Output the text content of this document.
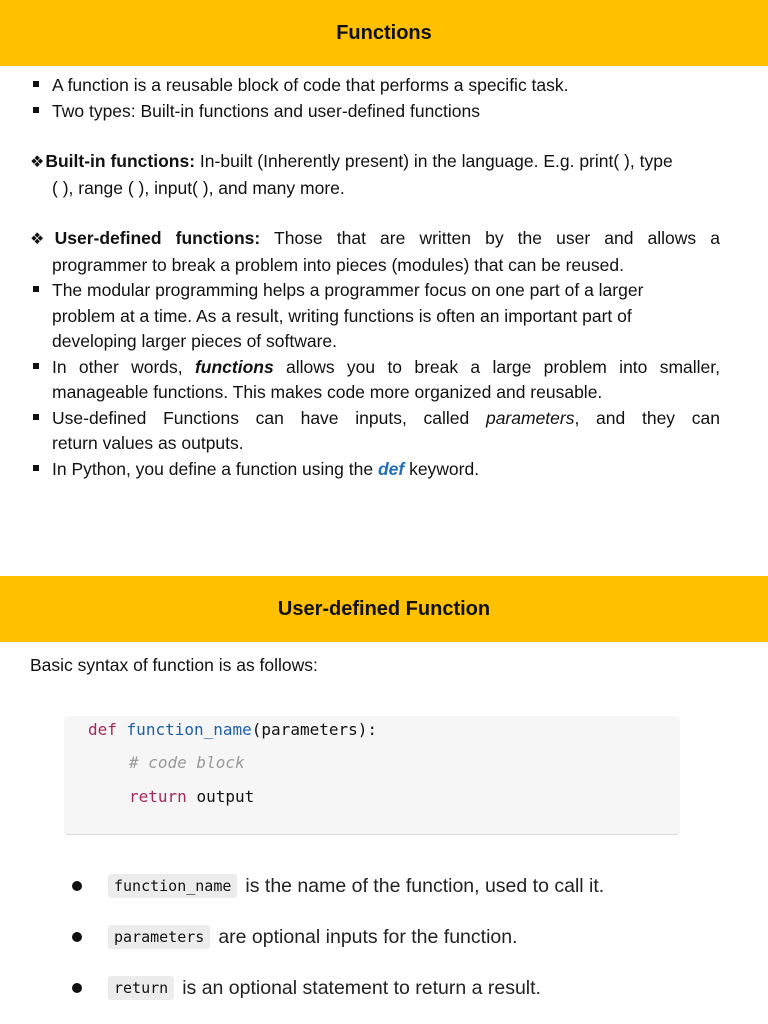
Functions
A function is a reusable block of code that performs a specific task.
Two types: Built-in functions and user-defined functions
❖Built-in functions: In-built (Inherently present) in the language. E.g. print( ), type
( ), range ( ), input( ), and many more.
❖User-defined functions: Those that are written by the user and allows a
programmer to break a problem into pieces (modules) that can be reused.
The modular programming helps a programmer focus on one part of a larger
problem at a time. As a result, writing functions is often an important part of
developing larger pieces of software.
In other words, functions allows you to break a large problem into smaller,
manageable functions. This makes code more organized and reusable.
Use-defined Functions can have inputs, called parameters, and they can
return values as outputs.
In Python, you define a function using the def keyword.
User-defined Function
Basic syntax of function is as follows:
def function_name(parameters):
# code block
return output
function_name is the name of the function, used to call it.
parameters are optional inputs for the function.
return is an optional statement to return a result.
